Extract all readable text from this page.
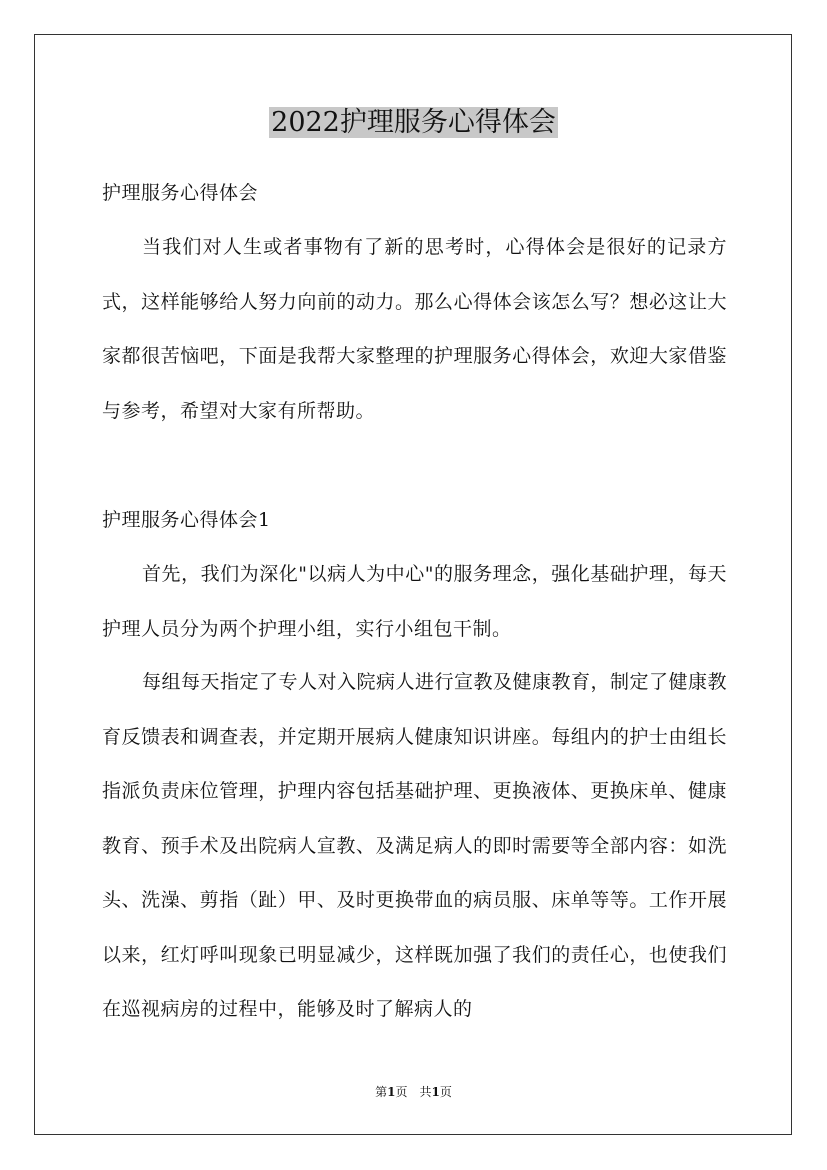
2022护理服务心得体会

护理服务心得体会

当我们对人生或者事物有了新的思考时，心得体会是很好的记录方式，这样能够给人努力向前的动力。那么心得体会该怎么写？想必这让大家都很苦恼吧，下面是我帮大家整理的护理服务心得体会，欢迎大家借鉴与参考，希望对大家有所帮助。

护理服务心得体会1

首先，我们为深化"以病人为中心"的服务理念，强化基础护理，每天护理人员分为两个护理小组，实行小组包干制。

每组每天指定了专人对入院病人进行宣教及健康教育，制定了健康教育反馈表和调查表，并定期开展病人健康知识讲座。每组内的护士由组长指派负责床位管理，护理内容包括基础护理、更换液体、更换床单、健康教育、预手术及出院病人宣教、及满足病人的即时需要等全部内容：如洗头、洗澡、剪指（趾）甲、及时更换带血的病员服、床单等等。工作开展以来，红灯呼叫现象已明显减少，这样既加强了我们的责任心，也使我们在巡视病房的过程中，能够及时了解病人的

第1页　共1页
